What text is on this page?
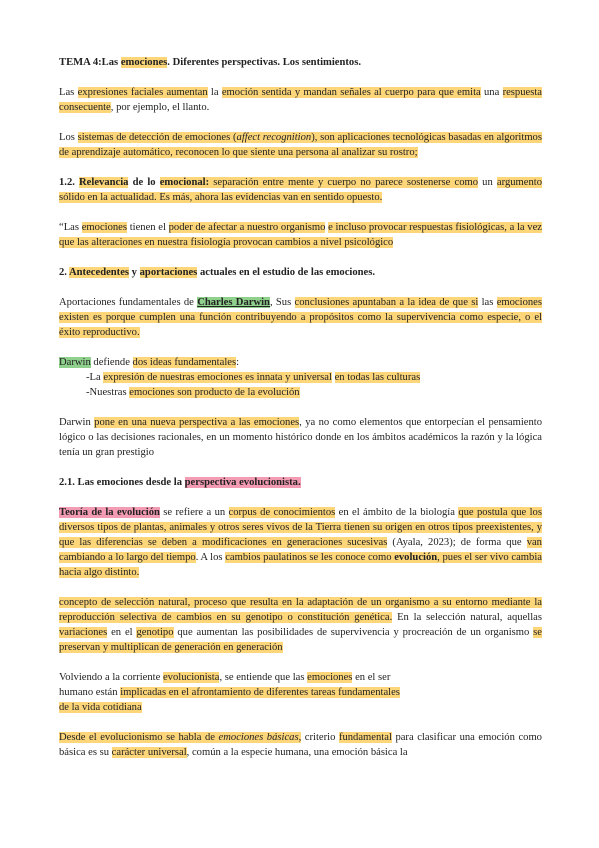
TEMA 4:Las emociones. Diferentes perspectivas. Los sentimientos.

Las expresiones faciales aumentan la emoción sentida y mandan señales al cuerpo para que emita una respuesta consecuente, por ejemplo, el llanto.

Los sistemas de detección de emociones (affect recognition), son aplicaciones tecnológicas basadas en algoritmos de aprendizaje automático, reconocen lo que siente una persona al analizar su rostro;

1.2. Relevancia de lo emocional: separación entre mente y cuerpo no parece sostenerse como un argumento sólido en la actualidad. Es más, ahora las evidencias van en sentido opuesto.

“Las emociones tienen el poder de afectar a nuestro organismo e incluso provocar respuestas fisiológicas, a la vez que las alteraciones en nuestra fisiología provocan cambios a nivel psicológico

2. Antecedentes y aportaciones actuales en el estudio de las emociones.

Aportaciones fundamentales de Charles Darwin, Sus conclusiones apuntaban a la idea de que si las emociones existen es porque cumplen una función contribuyendo a propósitos como la supervivencia como especie, o el éxito reproductivo.

Darwin defiende dos ideas fundamentales:

-La expresión de nuestras emociones es innata y universal en todas las culturas

-Nuestras emociones son producto de la evolución

Darwin pone en una nueva perspectiva a las emociones, ya no como elementos que entorpecían el pensamiento lógico o las decisiones racionales, en un momento histórico donde en los ámbitos académicos la razón y la lógica tenía un gran prestigio

2.1. Las emociones desde la perspectiva evolucionista.

Teoría de la evolución se refiere a un corpus de conocimientos en el ámbito de la biología que postula que los diversos tipos de plantas, animales y otros seres vivos de la Tierra tienen su origen en otros tipos preexistentes, y que las diferencias se deben a modificaciones en generaciones sucesivas (Ayala, 2023); de forma que van cambiando a lo largo del tiempo. A los cambios paulatinos se les conoce como evolución, pues el ser vivo cambia hacia algo distinto.

concepto de selección natural, proceso que resulta en la adaptación de un organismo a su entorno mediante la reproducción selectiva de cambios en su genotipo o constitución genética. En la selección natural, aquellas variaciones en el genotipo que aumentan las posibilidades de supervivencia y procreación de un organismo se preservan y multiplican de generación en generación

Volviendo a la corriente evolucionista, se entiende que las emociones en el ser
humano están implicadas en el afrontamiento de diferentes tareas fundamentales
de la vida cotidiana

Desde el evolucionismo se habla de emociones básicas, criterio fundamental para clasificar una emoción como básica es su carácter universal, común a la especie humana, una emoción básica la
